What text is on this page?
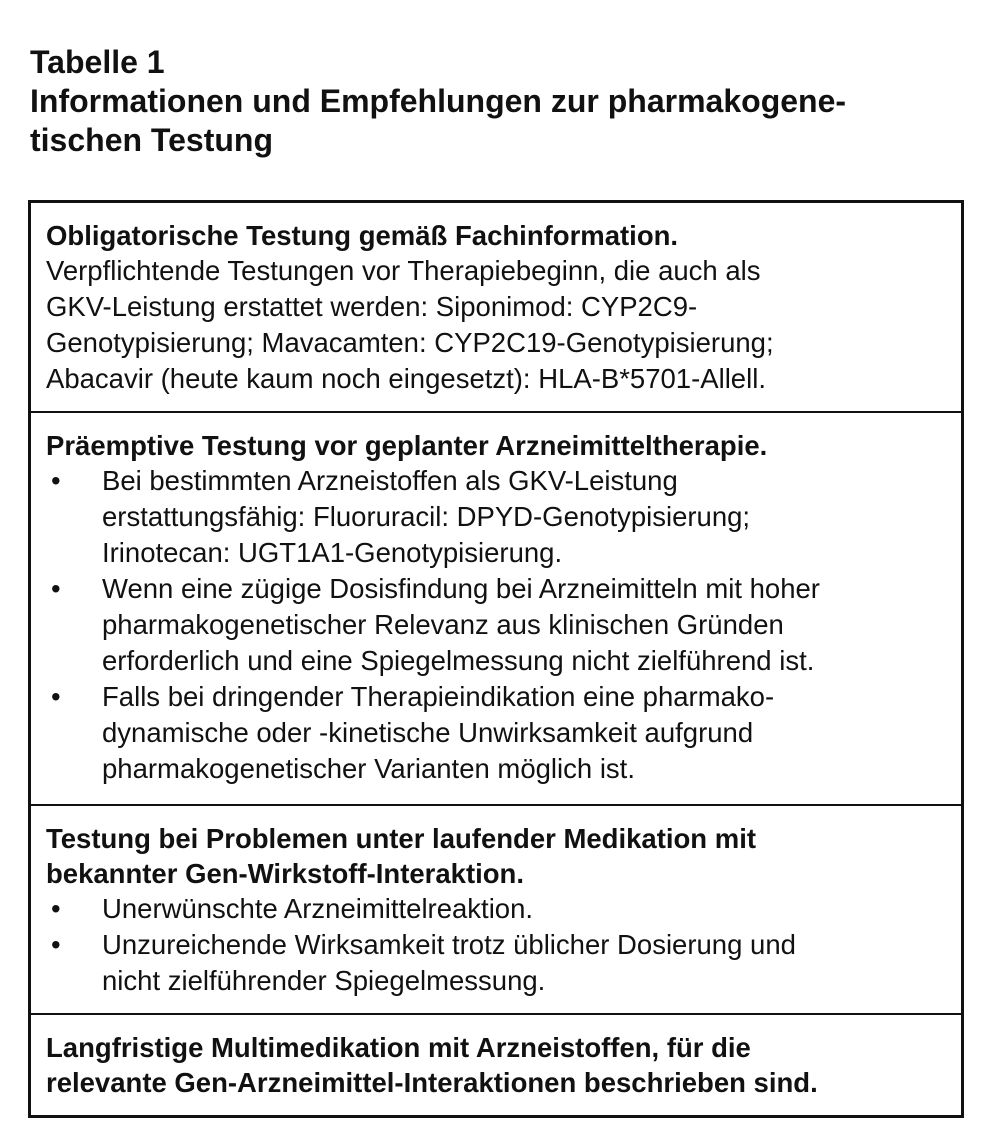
Tabelle 1
Informationen und Empfehlungen zur pharmakogene-
tischen Testung
Obligatorische Testung gemäß Fachinformation.
Verpflichtende Testungen vor Therapiebeginn, die auch als
GKV-Leistung erstattet werden: Siponimod: CYP2C9-
Genotypisierung; Mavacamten: CYP2C19-Genotypisierung;
Abacavir (heute kaum noch eingesetzt): HLA‑B*5701‑Allell.
Präemptive Testung vor geplanter Arzneimitteltherapie.
• Bei bestimmten Arzneistoffen als GKV-Leistung
erstattungsfähig: Fluoruracil: DPYD-Genotypisierung;
Irinotecan: UGT1A1-Genotypisierung.
• Wenn eine zügige Dosisfindung bei Arzneimitteln mit hoher
pharmakogenetischer Relevanz aus klinischen Gründen
erforderlich und eine Spiegelmessung nicht zielführend ist.
• Falls bei dringender Therapieindikation eine pharmako-
dynamische oder -kinetische Unwirksamkeit aufgrund
pharmakogenetischer Varianten möglich ist.
Testung bei Problemen unter laufender Medikation mit
bekannter Gen-Wirkstoff-Interaktion.
• Unerwünschte Arzneimittelreaktion.
• Unzureichende Wirksamkeit trotz üblicher Dosierung und
nicht zielführender Spiegelmessung.
Langfristige Multimedikation mit Arzneistoffen, für die
relevante Gen-Arzneimittel-Interaktionen beschrieben sind.
